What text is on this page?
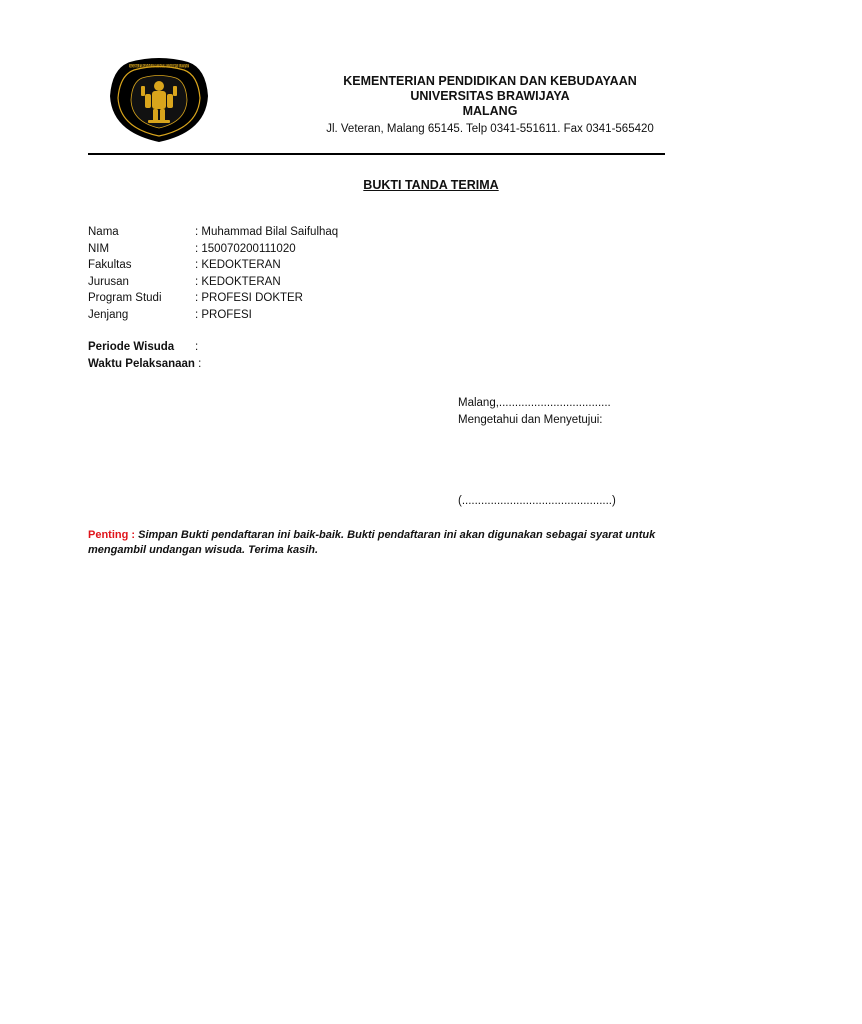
KEMENTERIAN PENDIDIKAN NASIONAL UNIVERSITAS BRAWIJAYA
KEMENTERIAN PENDIDIKAN DAN KEBUDAYAAN
UNIVERSITAS BRAWIJAYA
MALANG
Jl. Veteran, Malang 65145. Telp 0341-551611. Fax 0341-565420
BUKTI TANDA TERIMA
Nama	: Muhammad Bilal Saifulhaq
NIM	: 150070200111020
Fakultas	: KEDOKTERAN
Jurusan	: KEDOKTERAN
Program Studi	: PROFESI DOKTER
Jenjang	: PROFESI
Periode Wisuda	:
Waktu Pelaksanaan :
Malang,...................................
Mengetahui dan Menyetujui:
(...............................................)
Penting : Simpan Bukti pendaftaran ini baik-baik. Bukti pendaftaran ini akan digunakan sebagai syarat untuk mengambil undangan wisuda. Terima kasih.
